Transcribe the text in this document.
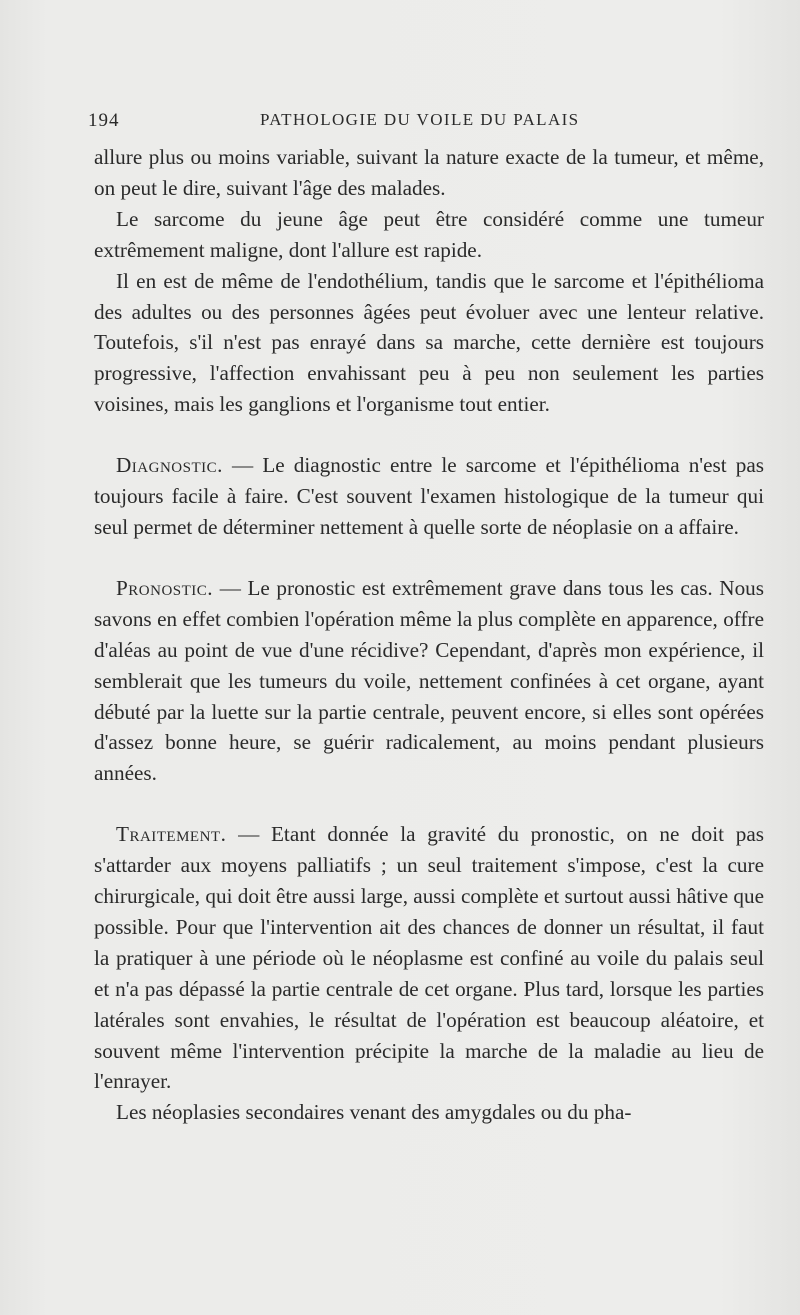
194	PATHOLOGIE DU VOILE DU PALAIS

allure plus ou moins variable, suivant la nature exacte de la tumeur, et même, on peut le dire, suivant l'âge des malades.

Le sarcome du jeune âge peut être considéré comme une tumeur extrêmement maligne, dont l'allure est rapide.

Il en est de même de l'endothélium, tandis que le sarcome et l'épithélioma des adultes ou des personnes âgées peut évoluer avec une lenteur relative. Toutefois, s'il n'est pas enrayé dans sa marche, cette dernière est toujours progressive, l'affection envahissant peu à peu non seulement les parties voisines, mais les ganglions et l'organisme tout entier.

Diagnostic. — Le diagnostic entre le sarcome et l'épithélioma n'est pas toujours facile à faire. C'est souvent l'examen histologique de la tumeur qui seul permet de déterminer nettement à quelle sorte de néoplasie on a affaire.

Pronostic. — Le pronostic est extrêmement grave dans tous les cas. Nous savons en effet combien l'opération même la plus complète en apparence, offre d'aléas au point de vue d'une récidive? Cependant, d'après mon expérience, il semblerait que les tumeurs du voile, nettement confinées à cet organe, ayant débuté par la luette sur la partie centrale, peuvent encore, si elles sont opérées d'assez bonne heure, se guérir radicalement, au moins pendant plusieurs années.

Traitement. — Etant donnée la gravité du pronostic, on ne doit pas s'attarder aux moyens palliatifs ; un seul traitement s'impose, c'est la cure chirurgicale, qui doit être aussi large, aussi complète et surtout aussi hâtive que possible. Pour que l'intervention ait des chances de donner un résultat, il faut la pratiquer à une période où le néoplasme est confiné au voile du palais seul et n'a pas dépassé la partie centrale de cet organe. Plus tard, lorsque les parties latérales sont envahies, le résultat de l'opération est beaucoup aléatoire, et souvent même l'intervention précipite la marche de la maladie au lieu de l'enrayer.

Les néoplasies secondaires venant des amygdales ou du pha-
